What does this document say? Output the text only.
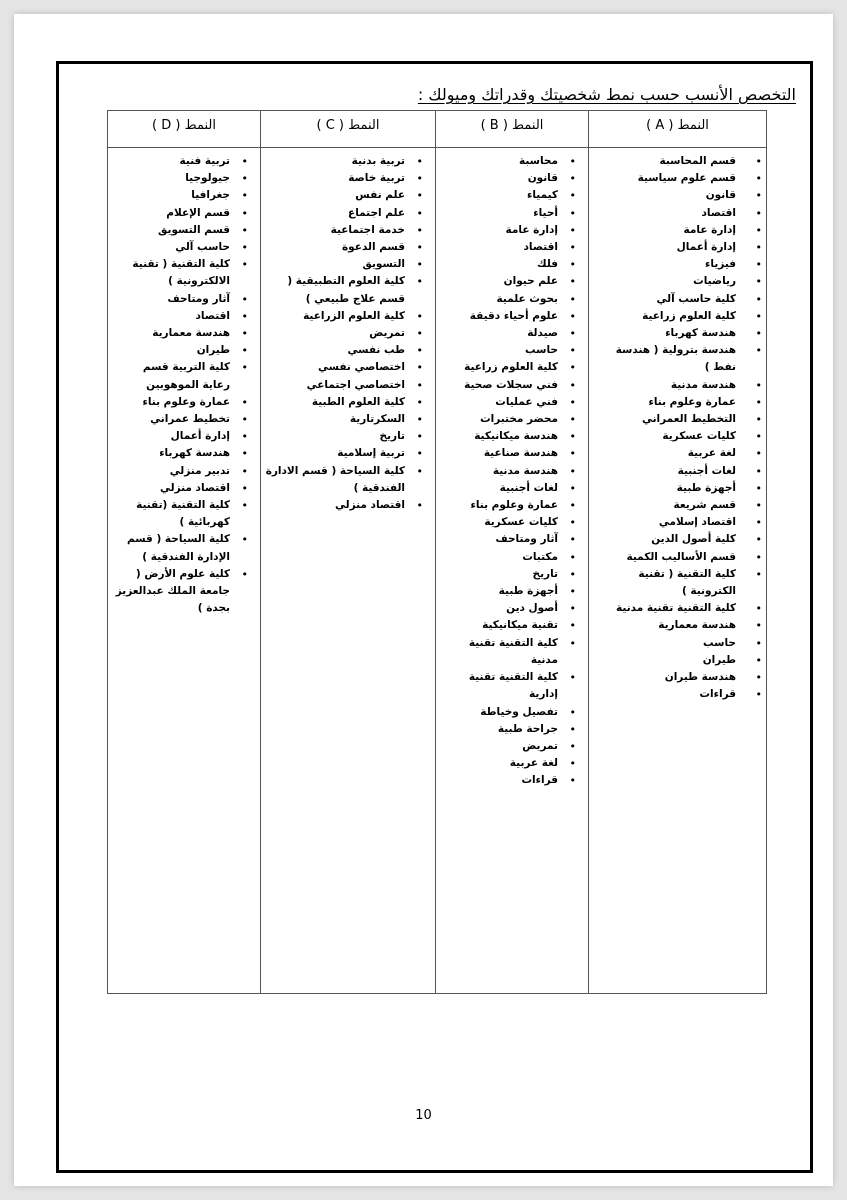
التخصص الأنسب حسب نمط شخصيتك وقدراتك وميولك :
النمط ( A )
• قسم المحاسبة
• قسم علوم سياسية
• قانون
• اقتصاد
• إدارة عامة
• إدارة أعمال
• فيزياء
• رياضيات
• كلية حاسب آلي
• كلية العلوم زراعية
• هندسة كهرباء
• هندسة بترولية ( هندسة نفط )
• هندسة مدنية
• عمارة وعلوم بناء
• التخطيط العمراني
• كليات عسكرية
• لغة عربية
• لغات أجنبية
• أجهزة طبية
• قسم شريعة
• اقتصاد إسلامي
• كلية أصول الدين
• قسم الأساليب الكمية
• كلية التقنية ( تقنية الكترونية )
• كلية التقنية تقنية مدنية
• هندسة معمارية
• حاسب
• طيران
• هندسة طيران
• قراءات
النمط ( B )
• محاسبة
• قانون
• كيمياء
• أحياء
• إدارة عامة
• اقتصاد
• فلك
• علم حيوان
• بحوث علمية
• علوم أحياء دقيقة
• صيدلة
• حاسب
• كلية العلوم زراعية
• فني سجلات صحية
• فني عمليات
• محضر مختبرات
• هندسة ميكانيكية
• هندسة صناعية
• هندسة مدنية
• لغات أجنبية
• عمارة وعلوم بناء
• كليات عسكرية
• آثار ومتاحف
• مكتبات
• تاريخ
• أجهزة طبية
• أصول دين
• تقنية ميكانيكية
• كلية التقنية تقنية مدنية
• كلية التقنية تقنية إدارية
• تفصيل وخياطة
• جراحة طبية
• تمريض
• لغة عربية
• قراءات
النمط ( C )
• تربية بدنية
• تربية خاصة
• علم نفس
• علم اجتماع
• خدمة اجتماعية
• قسم الدعوة
• التسويق
• كلية العلوم التطبيقية ( قسم علاج طبيعي )
• كلية العلوم الزراعية
• تمريض
• طب نفسي
• اختصاصي نفسي
• اختصاصي اجتماعي
• كلية العلوم الطبية
• السكرتارية
• تاريخ
• تربية إسلامية
• كلية السياحة ( قسم الادارة الفندقية )
• اقتصاد منزلي
النمط ( D )
• تربية فنية
• جيولوجيا
• جغرافيا
• قسم الإعلام
• قسم التسويق
• حاسب آلي
• كلية التقنية ( تقنية الالكترونية )
• آثار ومتاحف
• اقتصاد
• هندسة معمارية
• طيران
• كلية التربية قسم رعاية الموهوبين
• عمارة وعلوم بناء
• تخطيط عمراني
• إدارة أعمال
• هندسة كهرباء
• تدبير منزلي
• اقتصاد منزلي
• كلية التقنية (تقنية كهربائية )
• كلية السياحة ( قسم الإدارة الفندقية )
• كلية علوم الأرض ( جامعة الملك عبدالعزيز بجدة )
10
